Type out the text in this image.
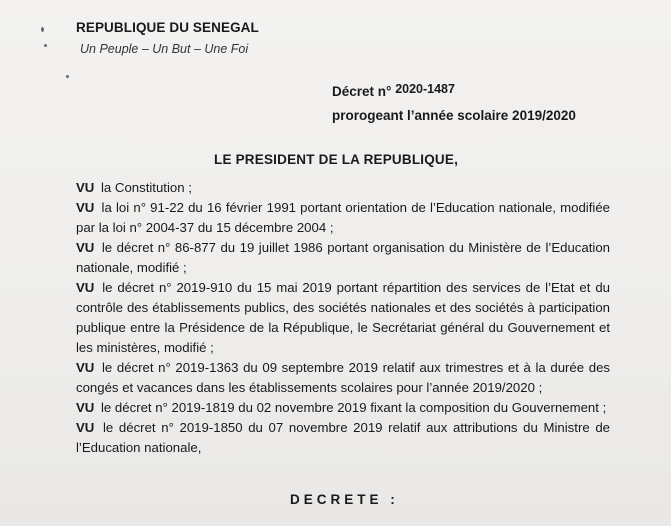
REPUBLIQUE DU SENEGAL
Un Peuple – Un But – Une Foi
Décret n° 2020-1487
prorogeant l’année scolaire 2019/2020
LE PRESIDENT DE LA REPUBLIQUE,

VU la Constitution ;

VU la loi n° 91-22 du 16 février 1991 portant orientation de l’Education nationale, modifiée par la loi n° 2004-37 du 15 décembre 2004 ;

VU le décret n° 86-877 du 19 juillet 1986 portant organisation du Ministère de l’Education nationale, modifié ;

VU le décret n° 2019-910 du 15 mai 2019 portant répartition des services de l’Etat et du contrôle des établissements publics, des sociétés nationales et des sociétés à participation publique entre la Présidence de la République, le Secrétariat général du Gouvernement et les ministères, modifié ;

VU le décret n° 2019-1363 du 09 septembre 2019 relatif aux trimestres et à la durée des congés et vacances dans les établissements scolaires pour l’année 2019/2020 ;

VU le décret n° 2019-1819 du 02 novembre 2019 fixant la composition du Gouvernement ;

VU le décret n° 2019-1850 du 07 novembre 2019 relatif aux attributions du Ministre de l’Education nationale,

DECRETE :
